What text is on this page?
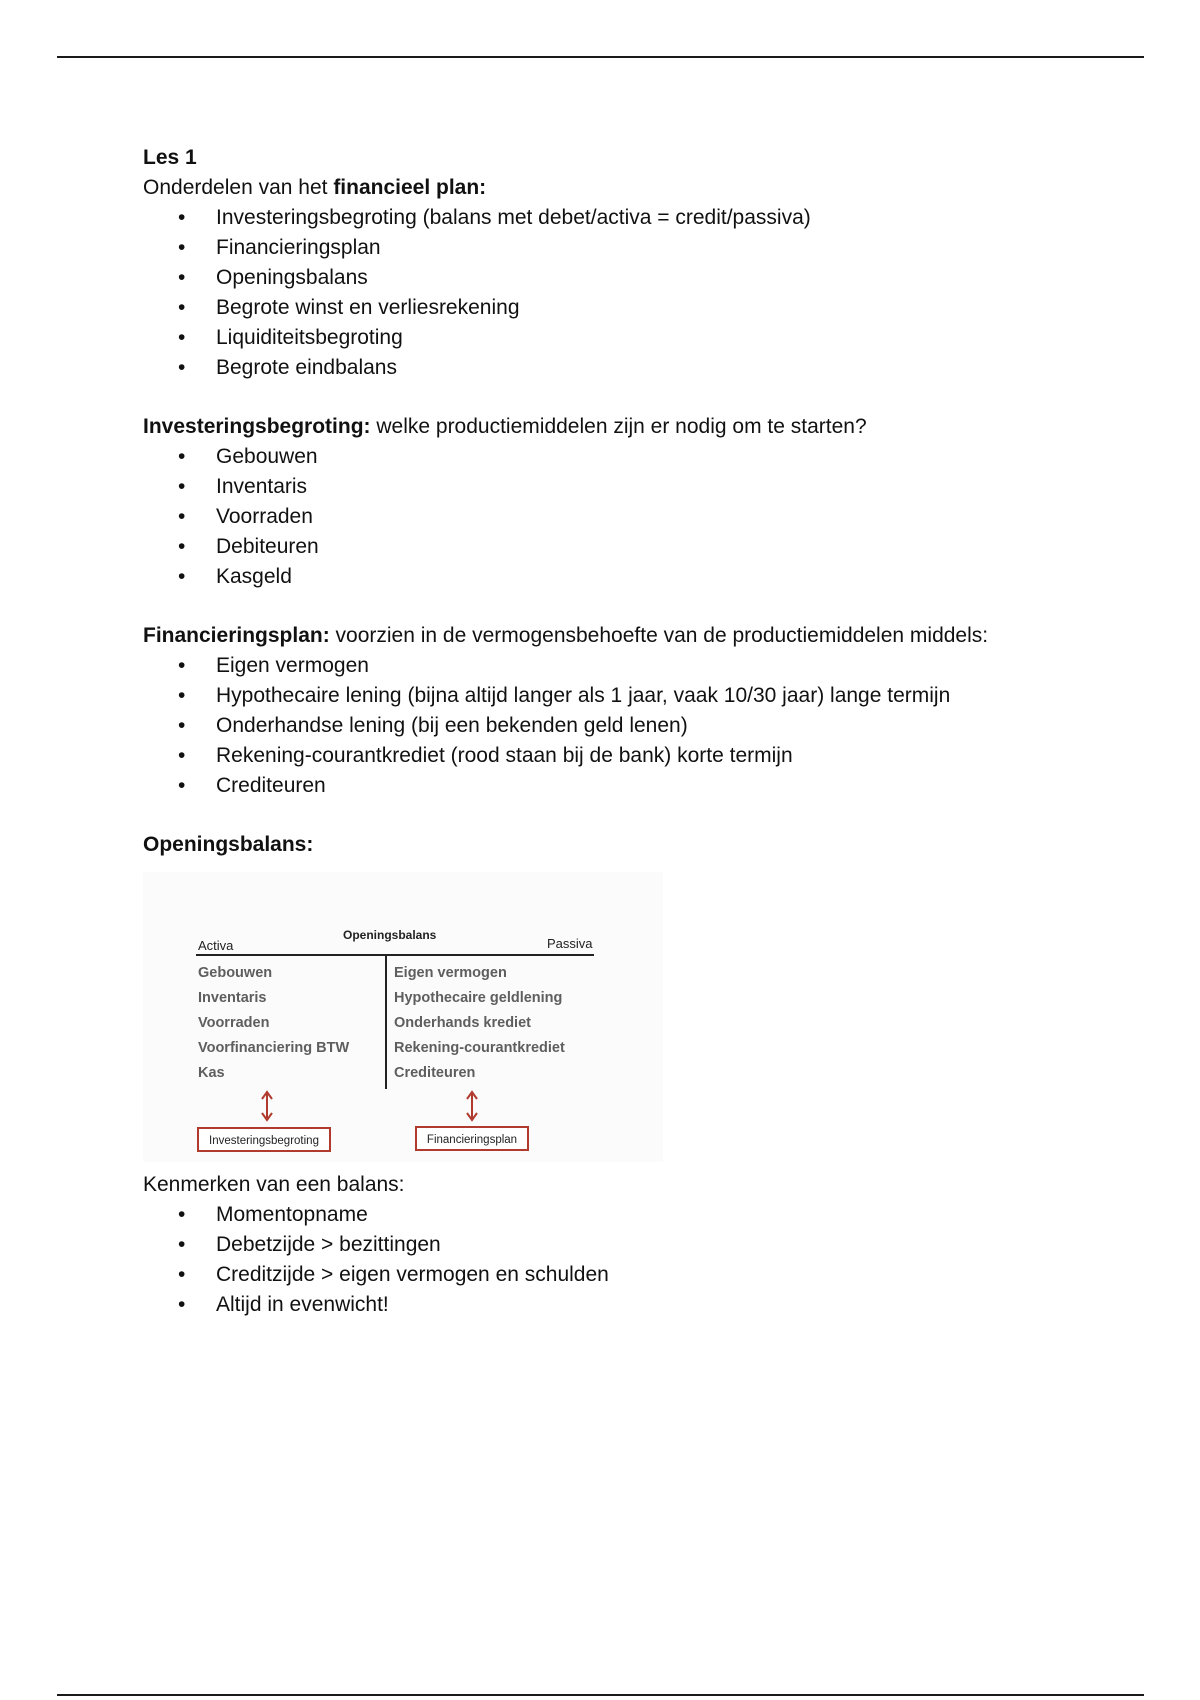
Les 1

Onderdelen van het financieel plan:

• Investeringsbegroting (balans met debet/activa = credit/passiva)
• Financieringsplan
• Openingsbalans
• Begrote winst en verliesrekening
• Liquiditeitsbegroting
• Begrote eindbalans

Investeringsbegroting: welke productiemiddelen zijn er nodig om te starten?

• Gebouwen
• Inventaris
• Voorraden
• Debiteuren
• Kasgeld

Financieringsplan: voorzien in de vermogensbehoefte van de productiemiddelen middels:

• Eigen vermogen
• Hypothecaire lening (bijna altijd langer als 1 jaar, vaak 10/30 jaar) lange termijn
• Onderhandse lening (bij een bekenden geld lenen)
• Rekening-courantkrediet (rood staan bij de bank) korte termijn
• Crediteuren

Openingsbalans:

Openingsbalans
Activa	Passiva
Gebouwen
Inventaris
Voorraden
Voorfinanciering BTW
Kas
Eigen vermogen
Hypothecaire geldlening
Onderhands krediet
Rekening-courantkrediet
Crediteuren
Investeringsbegroting	Financieringsplan

Kenmerken van een balans:

• Momentopname
• Debetzijde > bezittingen
• Creditzijde > eigen vermogen en schulden
• Altijd in evenwicht!
